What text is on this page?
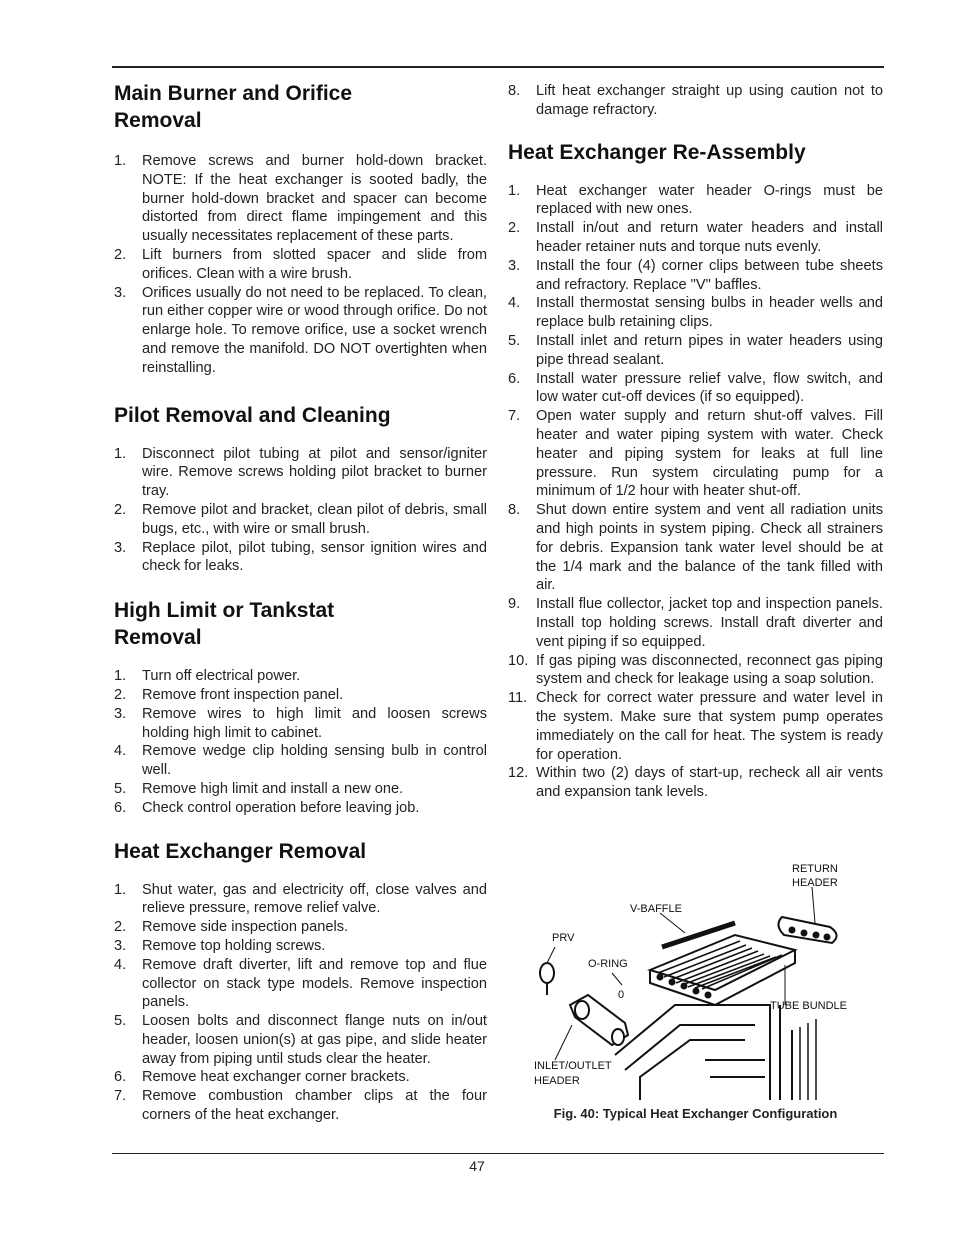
Main Burner and Orifice Removal
1.	Remove screws and burner hold-down bracket. NOTE: If the heat exchanger is sooted badly, the burner hold-down bracket and spacer can become distorted from direct flame impingement and this usually necessitates replacement of these parts.
2.	Lift burners from slotted spacer and slide from orifices. Clean with a wire brush.
3.	Orifices usually do not need to be replaced. To clean, run either copper wire or wood through orifice. Do not enlarge hole. To remove orifice, use a socket wrench and remove the manifold. DO NOT overtighten when reinstalling.
Pilot Removal and Cleaning
1.	Disconnect pilot tubing at pilot and sensor/igniter wire. Remove screws holding pilot bracket to burner tray.
2.	Remove pilot and bracket, clean pilot of debris, small bugs, etc., with wire or small brush.
3.	Replace pilot, pilot tubing, sensor ignition wires and check for leaks.
High Limit or Tankstat Removal
1.	Turn off electrical power.
2.	Remove front inspection panel.
3.	Remove wires to high limit and loosen screws holding high limit to cabinet.
4.	Remove wedge clip holding sensing bulb in control well.
5.	Remove high limit and install a new one.
6.	Check control operation before leaving job.
Heat Exchanger Removal
1.	Shut water, gas and electricity off, close valves and relieve pressure, remove relief valve.
2.	Remove side inspection panels.
3.	Remove top holding screws.
4.	Remove draft diverter, lift and remove top and flue collector on stack type models. Remove inspection panels.
5.	Loosen bolts and disconnect flange nuts on in/out header, loosen union(s) at gas pipe, and slide heater away from piping until studs clear the heater.
6.	Remove heat exchanger corner brackets.
7.	Remove combustion chamber clips at the four corners of the heat exchanger.
8.	Lift heat exchanger straight up using caution not to damage refractory.
Heat Exchanger Re-Assembly
1.	Heat exchanger water header O-rings must be replaced with new ones.
2.	Install in/out and return water headers and install header retainer nuts and torque nuts evenly.
3.	Install the four (4) corner clips between tube sheets and refractory. Replace "V" baffles.
4.	Install thermostat sensing bulbs in header wells and replace bulb retaining clips.
5.	Install inlet and return pipes in water headers using pipe thread sealant.
6.	Install water pressure relief valve, flow switch, and low water cut-off devices (if so equipped).
7.	Open water supply and return shut-off valves. Fill heater and water piping system with water. Check heater and piping system for leaks at full line pressure. Run system circulating pump for a minimum of 1/2 hour with heater shut-off.
8.	Shut down entire system and vent all radiation units and high points in system piping. Check all strainers for debris. Expansion tank water level should be at the 1/4 mark and the balance of the tank filled with air.
9.	Install flue collector, jacket top and inspection panels. Install top holding screws. Install draft diverter and vent piping if so equipped.
10. If gas piping was disconnected, reconnect gas piping system and check for leakage using a soap solution.
11. Check for correct water pressure and water level in the system. Make sure that system pump operates immediately on the call for heat. The system is ready for operation.
12. Within two (2) days of start-up, recheck all air vents and expansion tank levels.
RETURN
HEADER
V-BAFFLE
PRV
O-RING
0
TUBE BUNDLE
INLET/OUTLET
HEADER
Fig. 40: Typical Heat Exchanger Configuration
47
